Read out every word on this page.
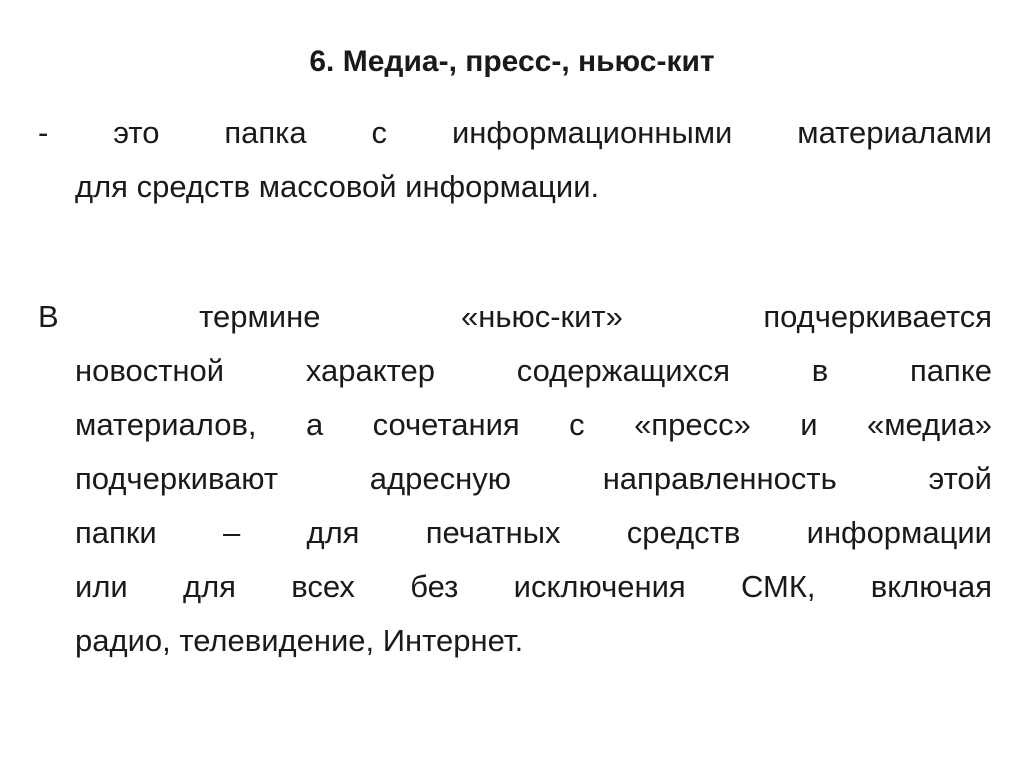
6. Медиа-, пресс-, ньюс-кит
- это папка с информационными материалами
для средств массовой информации.
В термине «ньюс-кит» подчеркивается
новостной характер содержащихся в папке
материалов, а сочетания с «пресс» и «медиа»
подчеркивают адресную направленность этой
папки – для печатных средств информации
или для всех без исключения СМК, включая
радио, телевидение, Интернет.
